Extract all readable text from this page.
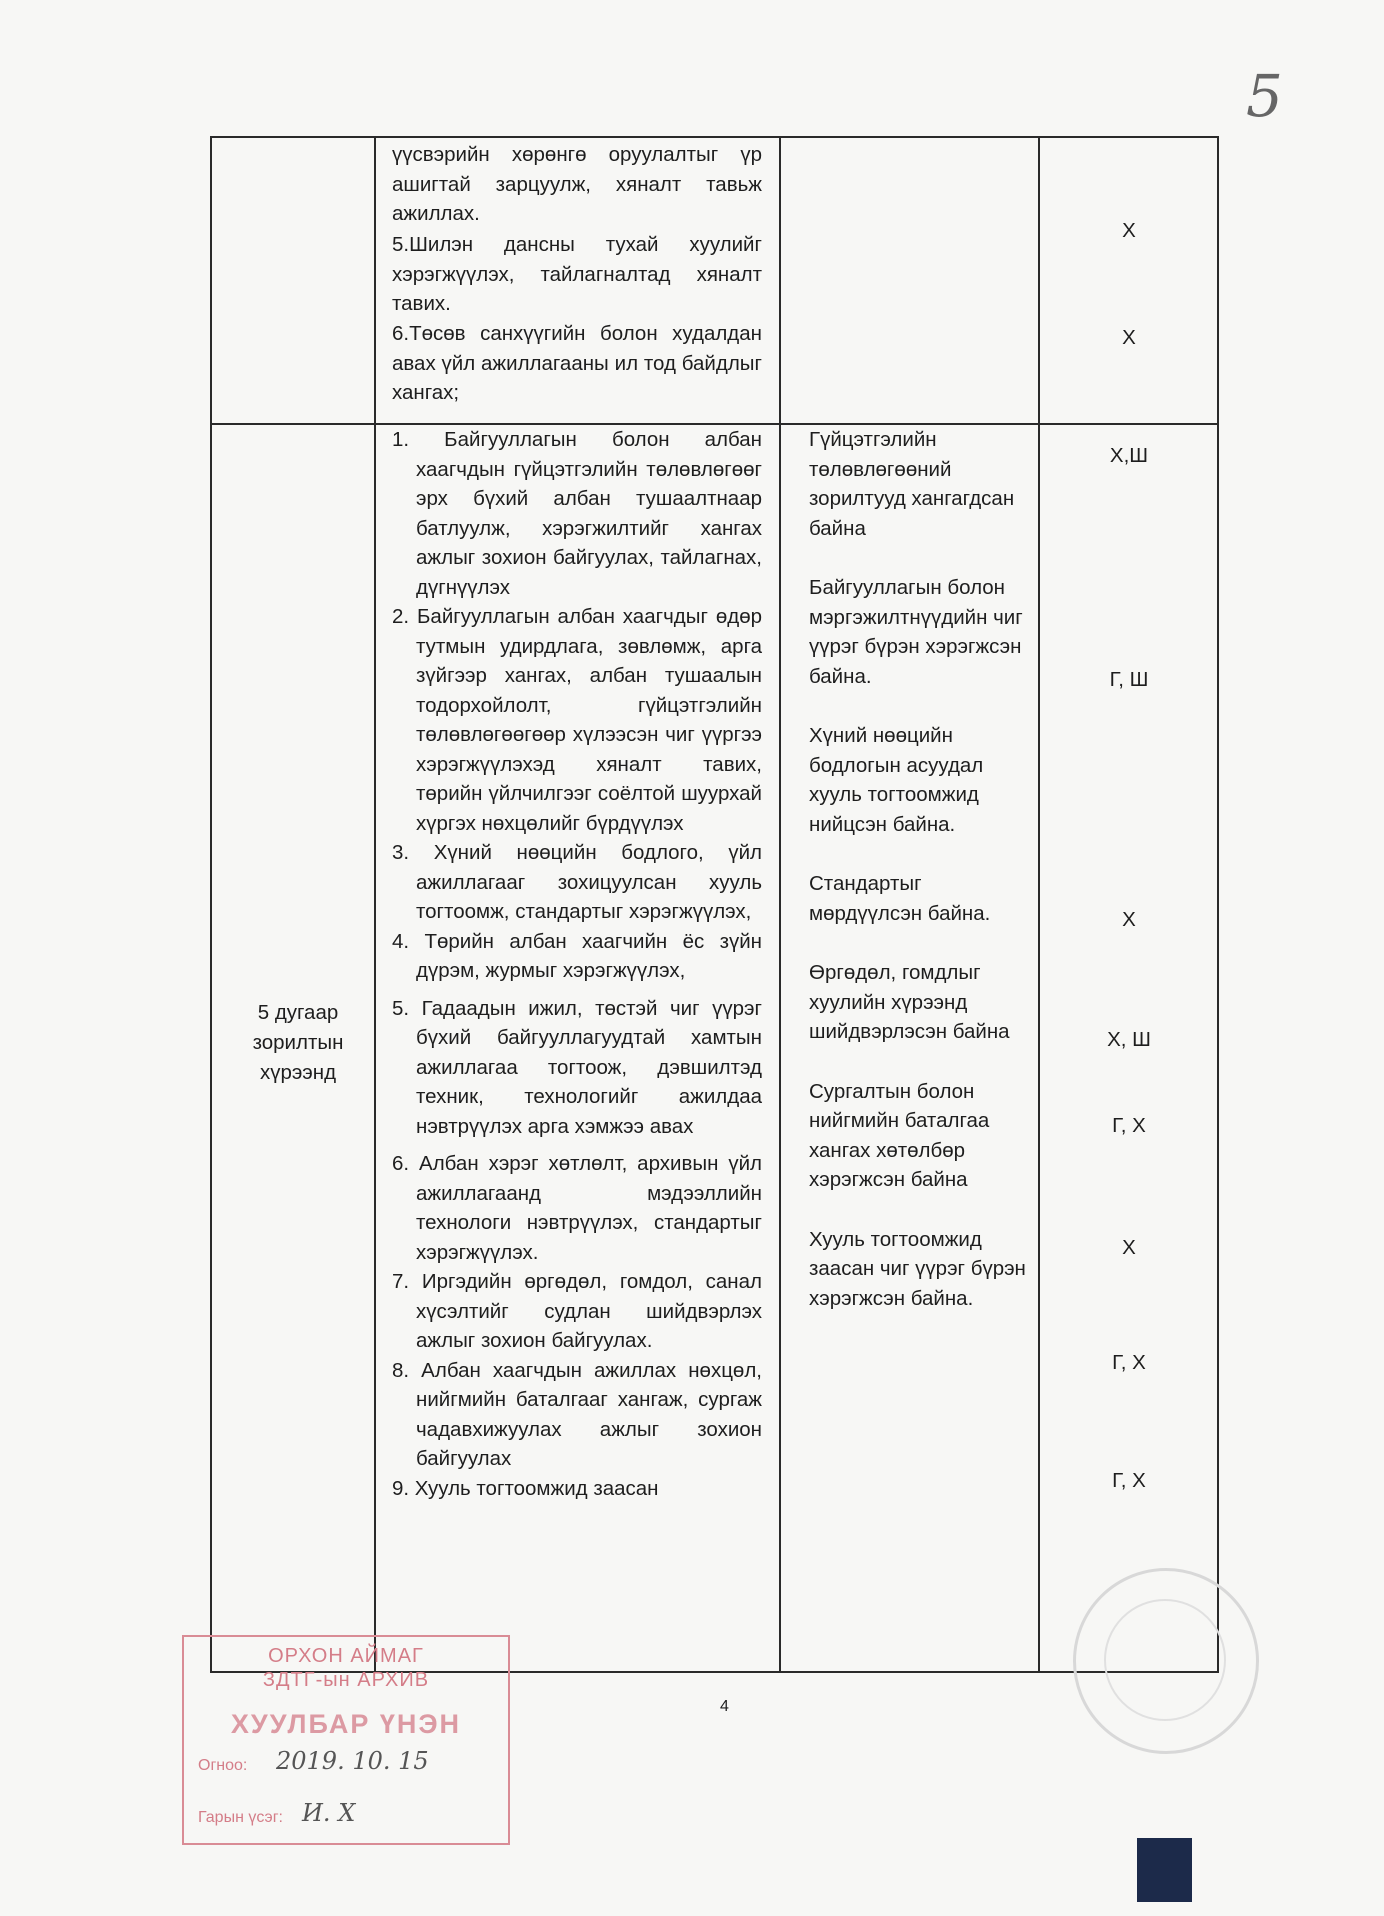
5
үүсвэрийн хөрөнгө оруулалтыг үр ашигтай зарцуулж, хяналт тавьж ажиллах.
5.Шилэн дансны тухай хуулийг хэрэгжүүлэх, тайлагналтад хяналт тавих.
6.Төсөв санхүүгийн болон худалдан авах үйл ажиллагааны ил тод байдлыг хангах;
Х
Х
5 дугаар
зорилтын
хүрээнд

1. Байгууллагын болон албан хаагчдын гүйцэтгэлийн төлөвлөгөөг эрх бүхий албан тушаалтнаар батлуулж, хэрэгжилтийг хангах ажлыг зохион байгуулах, тайлагнах, дүгнүүлэх

2. Байгууллагын албан хаагчдыг өдөр тутмын удирдлага, зөвлөмж, арга зүйгээр хангах, албан тушаалын тодорхойлолт, гүйцэтгэлийн төлөвлөгөөгөөр хүлээсэн чиг үүргээ хэрэгжүүлэхэд хяналт тавих, төрийн үйлчилгээг соёлтой шуурхай хүргэх нөхцөлийг бүрдүүлэх

3. Хүний нөөцийн бодлого, үйл ажиллагааг зохицуулсан хууль тогтоомж, стандартыг хэрэгжүүлэх,

4. Төрийн албан хаагчийн ёс зүйн дүрэм, журмыг хэрэгжүүлэх,

5. Гадаадын ижил, төстэй чиг үүрэг бүхий байгууллагуудтай хамтын ажиллагаа тогтоож, дэвшилтэд техник, технологийг ажилдаа нэвтрүүлэх арга хэмжээ авах

6. Албан хэрэг хөтлөлт, архивын үйл ажиллагаанд мэдээллийн технологи нэвтрүүлэх, стандартыг хэрэгжүүлэх.

7. Иргэдийн өргөдөл, гомдол, санал хүсэлтийг судлан шийдвэрлэх ажлыг зохион байгуулах.

8. Албан хаагчдын ажиллах нөхцөл, нийгмийн баталгааг хангаж, сургаж чадавхижуулах ажлыг зохион байгуулах

9. Хууль тогтоомжид заасан

Гүйцэтгэлийн төлөвлөгөөний зорилтууд хангагдсан байна

Байгууллагын болон мэргэжилтнүүдийн чиг үүрэг бүрэн хэрэгжсэн байна.

Хүний нөөцийн бодлогын асуудал хууль тогтоомжид нийцсэн байна.

Стандартыг мөрдүүлсэн байна.

Өргөдөл, гомдлыг хуулийн хүрээнд шийдвэрлэсэн байна

Сургалтын болон нийгмийн баталгаа хангах хөтөлбөр хэрэгжсэн байна

Хууль тогтоомжид заасан чиг үүрэг бүрэн хэрэгжсэн байна.

Х,Ш
Г, Ш
Х
Х, Ш
Г, Х
Х
Г, Х
Г, Х
4
ОРХОН АЙМАГ
ЗДТГ-ын АРХИВ
ХУУЛБАР ҮНЭН
Огноо: 2019. 10. 15
Гарын үсэг: И. Х
